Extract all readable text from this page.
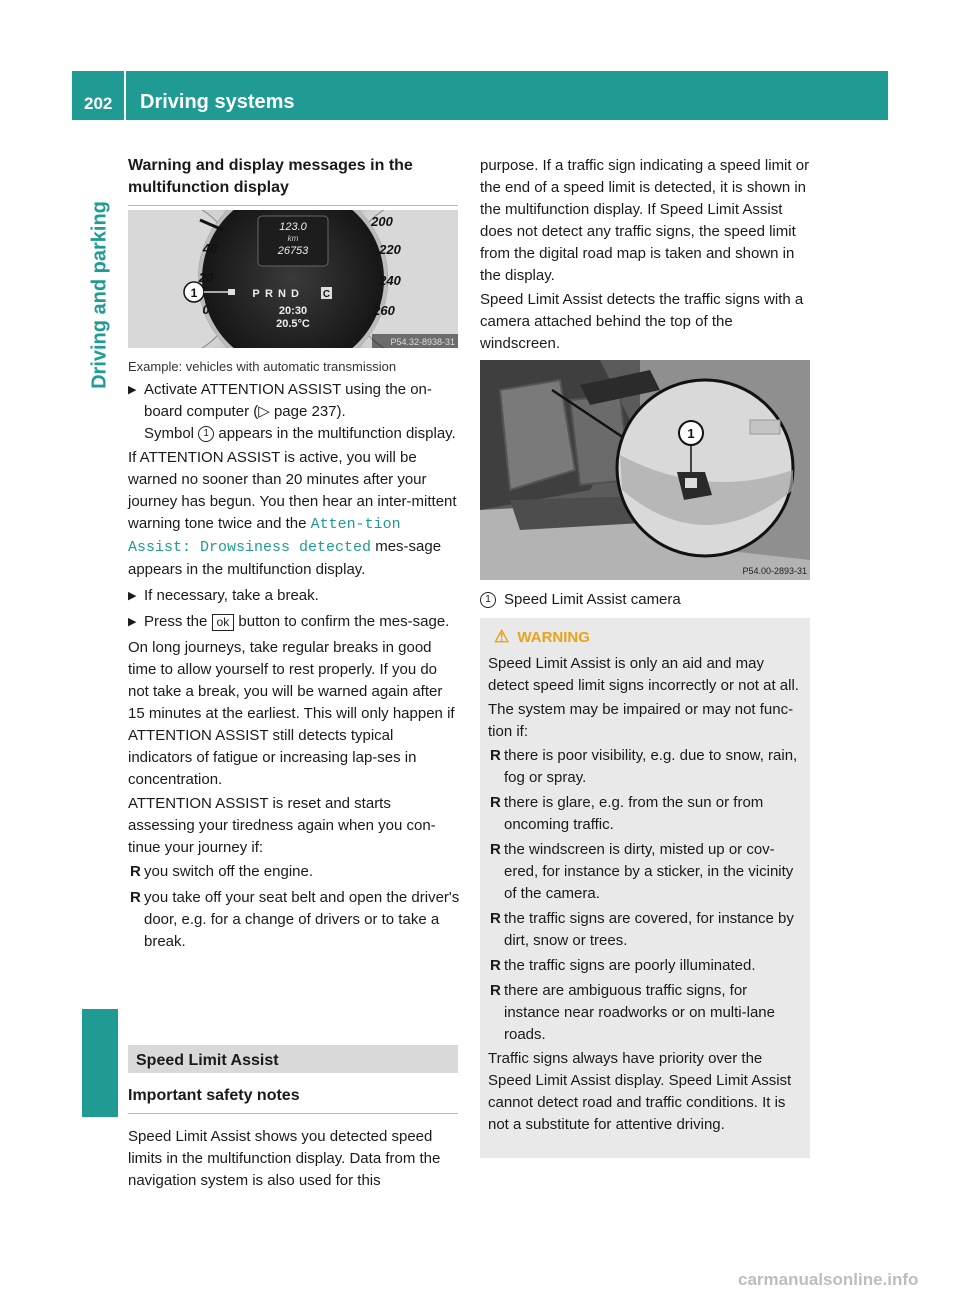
202	Driving systems
Driving and parking
Warning and display messages in the multifunction display
123.0
km
26753
40
20
0
200
220
240
260
1	P R N D C
20:30
20.5°C
P54.32-8938-31
Example: vehicles with automatic transmission
▶ Activate ATTENTION ASSIST using the on-board computer (▷ page 237).
Symbol 1 appears in the multifunction display.

If ATTENTION ASSIST is active, you will be warned no sooner than 20 minutes after your journey has begun. You then hear an inter-mittent warning tone twice and the Atten‐tion Assist: Drowsiness detected mes-sage appears in the multifunction display.

▶ If necessary, take a break.
▶ Press the ok button to confirm the mes-sage.

On long journeys, take regular breaks in good time to allow yourself to rest properly. If you do not take a break, you will be warned again after 15 minutes at the earliest. This will only happen if ATTENTION ASSIST still detects typical indicators of fatigue or increasing lap-ses in concentration.

ATTENTION ASSIST is reset and starts assessing your tiredness again when you con-tinue your journey if:

R you switch off the engine.
R you take off your seat belt and open the driver's door, e.g. for a change of drivers or to take a break.
Speed Limit Assist
Important safety notes

Speed Limit Assist shows you detected speed limits in the multifunction display. Data from the navigation system is also used for this

purpose. If a traffic sign indicating a speed limit or the end of a speed limit is detected, it is shown in the multifunction display. If Speed Limit Assist does not detect any traffic signs, the speed limit from the digital road map is taken and shown in the display.

Speed Limit Assist detects the traffic signs with a camera attached behind the top of the windscreen.

1
P54.00-2893-31
1 Speed Limit Assist camera
⚠ WARNING

Speed Limit Assist is only an aid and may detect speed limit signs incorrectly or not at all.

The system may be impaired or may not func-tion if:

R there is poor visibility, e.g. due to snow, rain, fog or spray.
R there is glare, e.g. from the sun or from oncoming traffic.
R the windscreen is dirty, misted up or cov-ered, for instance by a sticker, in the vicinity of the camera.
R the traffic signs are covered, for instance by dirt, snow or trees.
R the traffic signs are poorly illuminated.
R there are ambiguous traffic signs, for instance near roadworks or on multi-lane roads.

Traffic signs always have priority over the Speed Limit Assist display. Speed Limit Assist cannot detect road and traffic conditions. It is not a substitute for attentive driving.

carmanualsonline.info
